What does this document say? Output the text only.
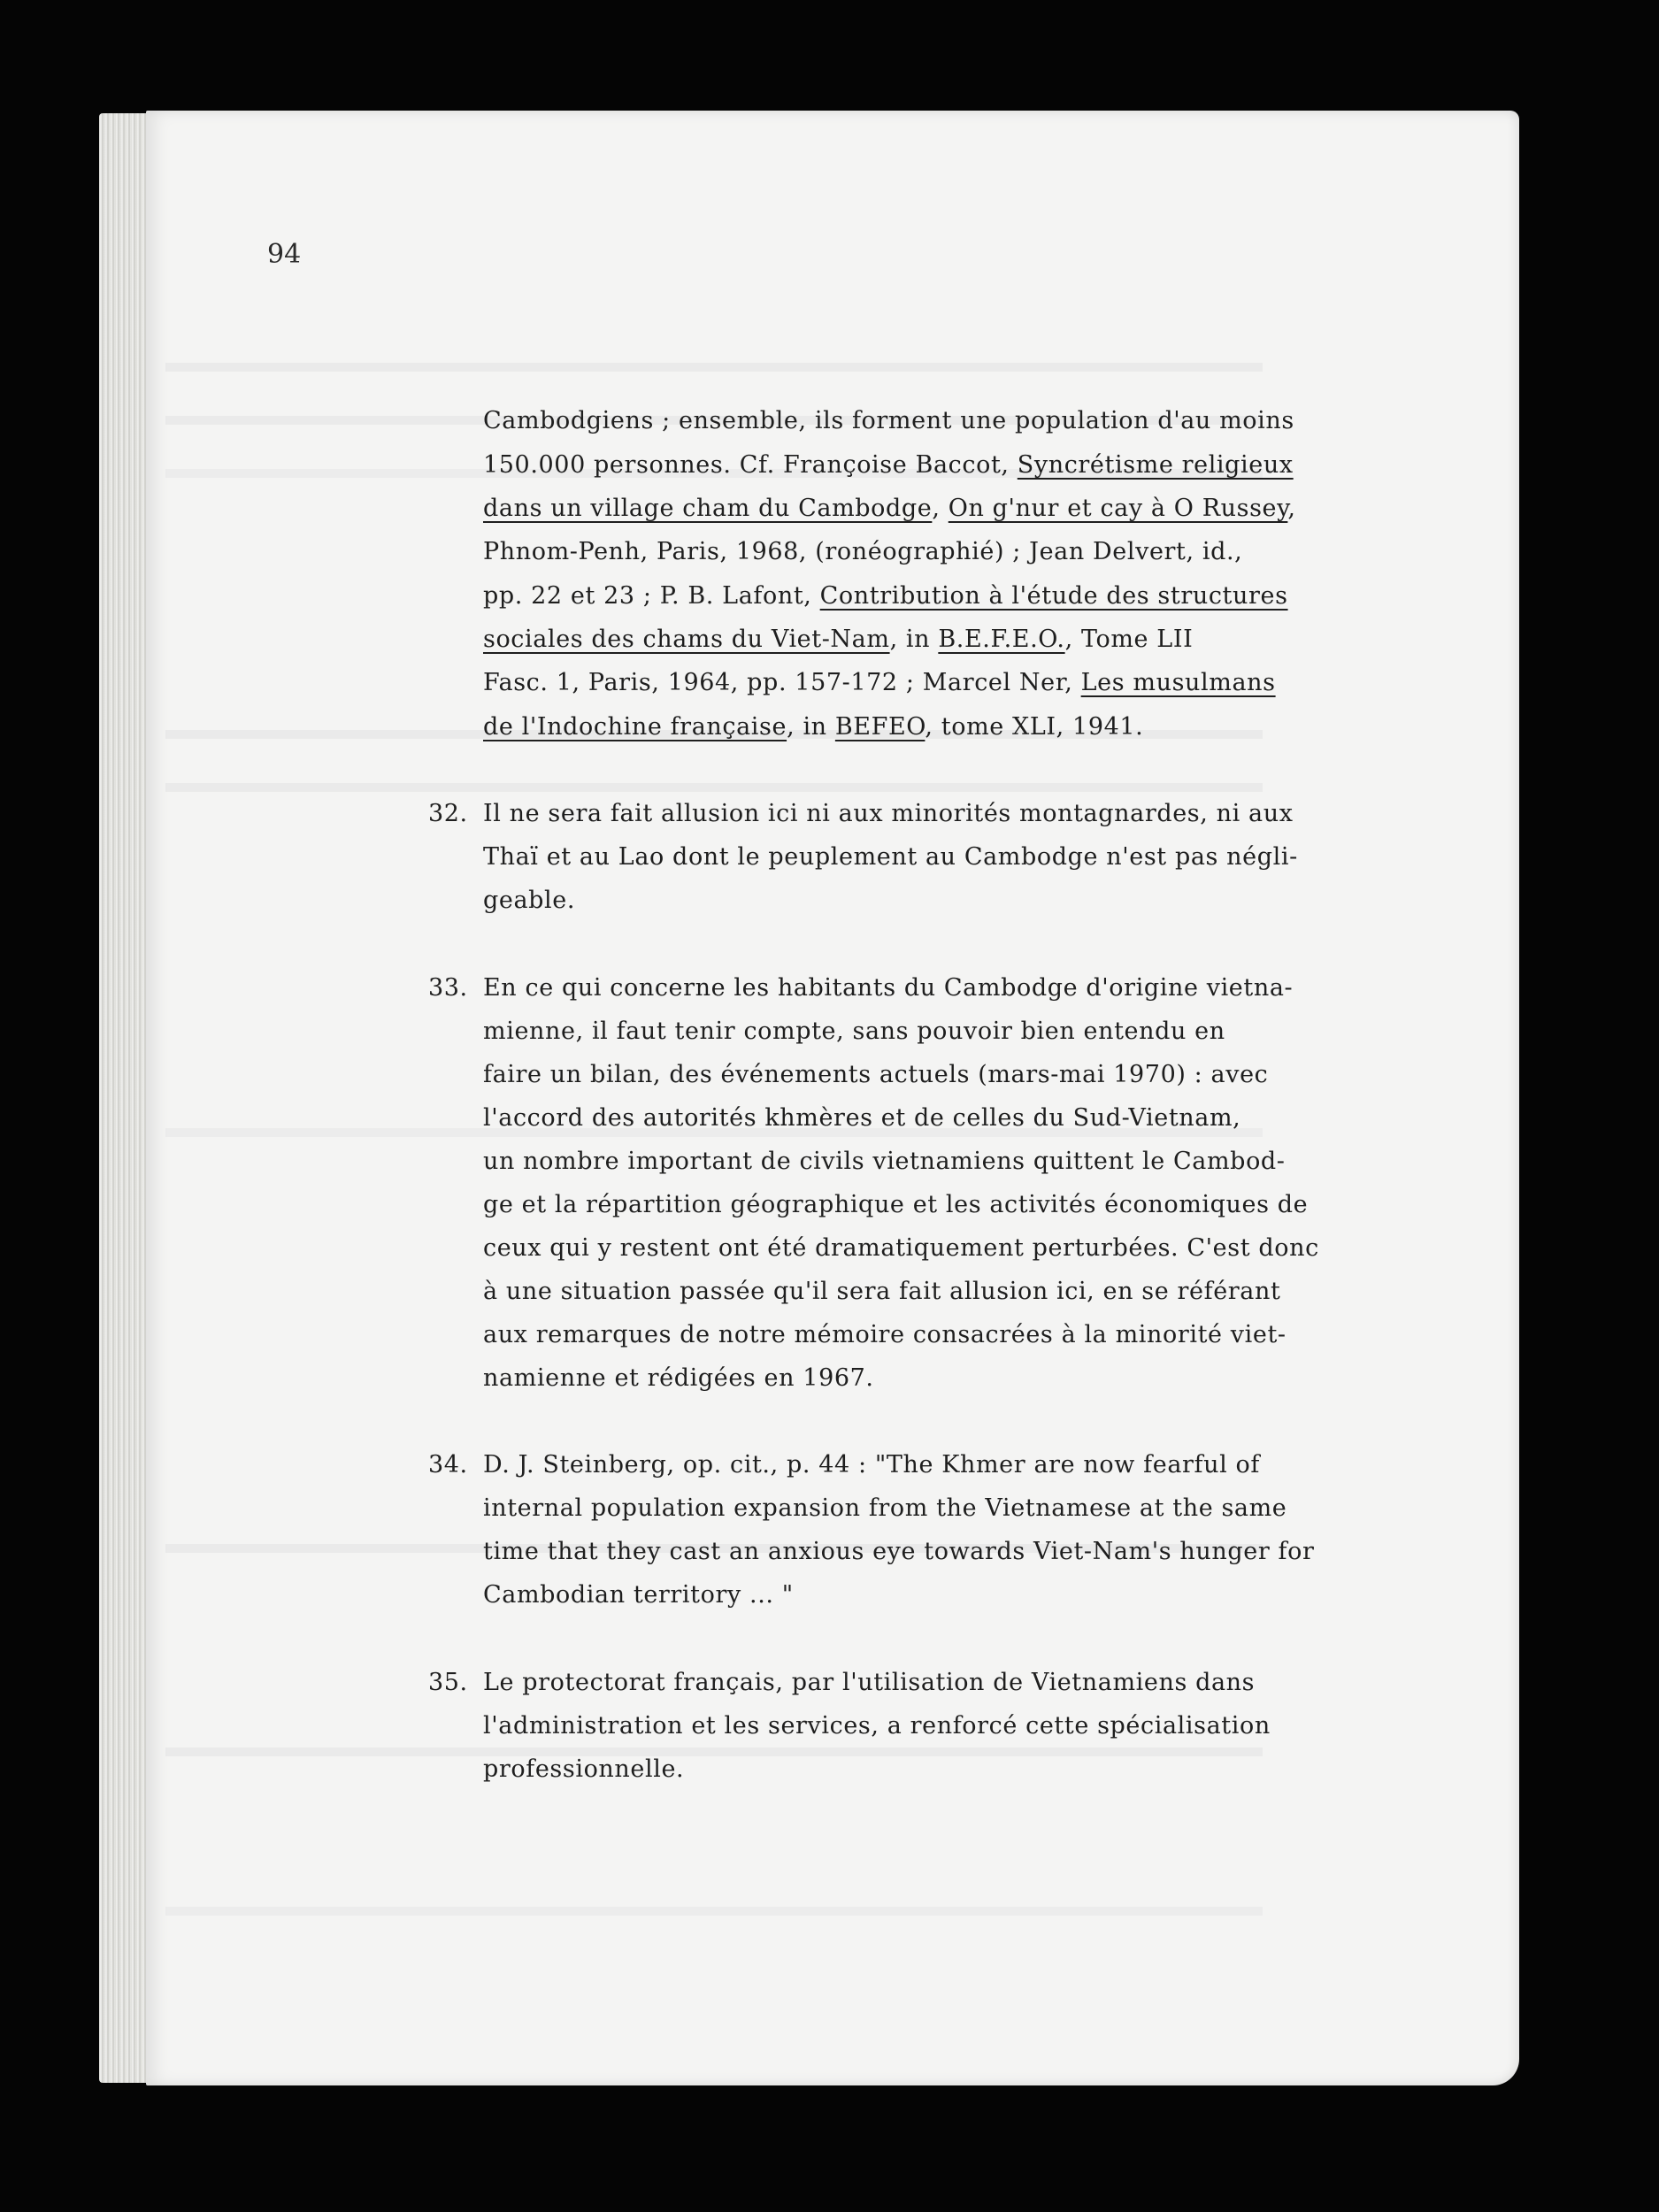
94
Cambodgiens ; ensemble, ils forment une population d'au moins
150.000 personnes. Cf. Françoise Baccot, Syncrétisme religieux
dans un village cham du Cambodge, On g'nur et cay à O Russey,
Phnom-Penh, Paris, 1968, (ronéographié) ; Jean Delvert, id.,
pp. 22 et 23 ; P. B. Lafont, Contribution à l'étude des structures
sociales des chams du Viet-Nam, in B.E.F.E.O., Tome LII
Fasc. 1, Paris, 1964, pp. 157-172 ; Marcel Ner, Les musulmans
de l'Indochine française, in BEFEO, tome XLI, 1941.
32. Il ne sera fait allusion ici ni aux minorités montagnardes, ni aux
Thaï et au Lao dont le peuplement au Cambodge n'est pas négli-
geable.
33. En ce qui concerne les habitants du Cambodge d'origine vietna-
mienne, il faut tenir compte, sans pouvoir bien entendu en
faire un bilan, des événements actuels (mars-mai 1970) : avec
l'accord des autorités khmères et de celles du Sud-Vietnam,
un nombre important de civils vietnamiens quittent le Cambod-
ge et la répartition géographique et les activités économiques de
ceux qui y restent ont été dramatiquement perturbées. C'est donc
à une situation passée qu'il sera fait allusion ici, en se référant
aux remarques de notre mémoire consacrées à la minorité viet-
namienne et rédigées en 1967.
34. D. J. Steinberg, op. cit., p. 44 : "The Khmer are now fearful of
internal population expansion from the Vietnamese at the same
time that they cast an anxious eye towards Viet-Nam's hunger for
Cambodian territory ... "
35. Le protectorat français, par l'utilisation de Vietnamiens dans
l'administration et les services, a renforcé cette spécialisation
professionnelle.
